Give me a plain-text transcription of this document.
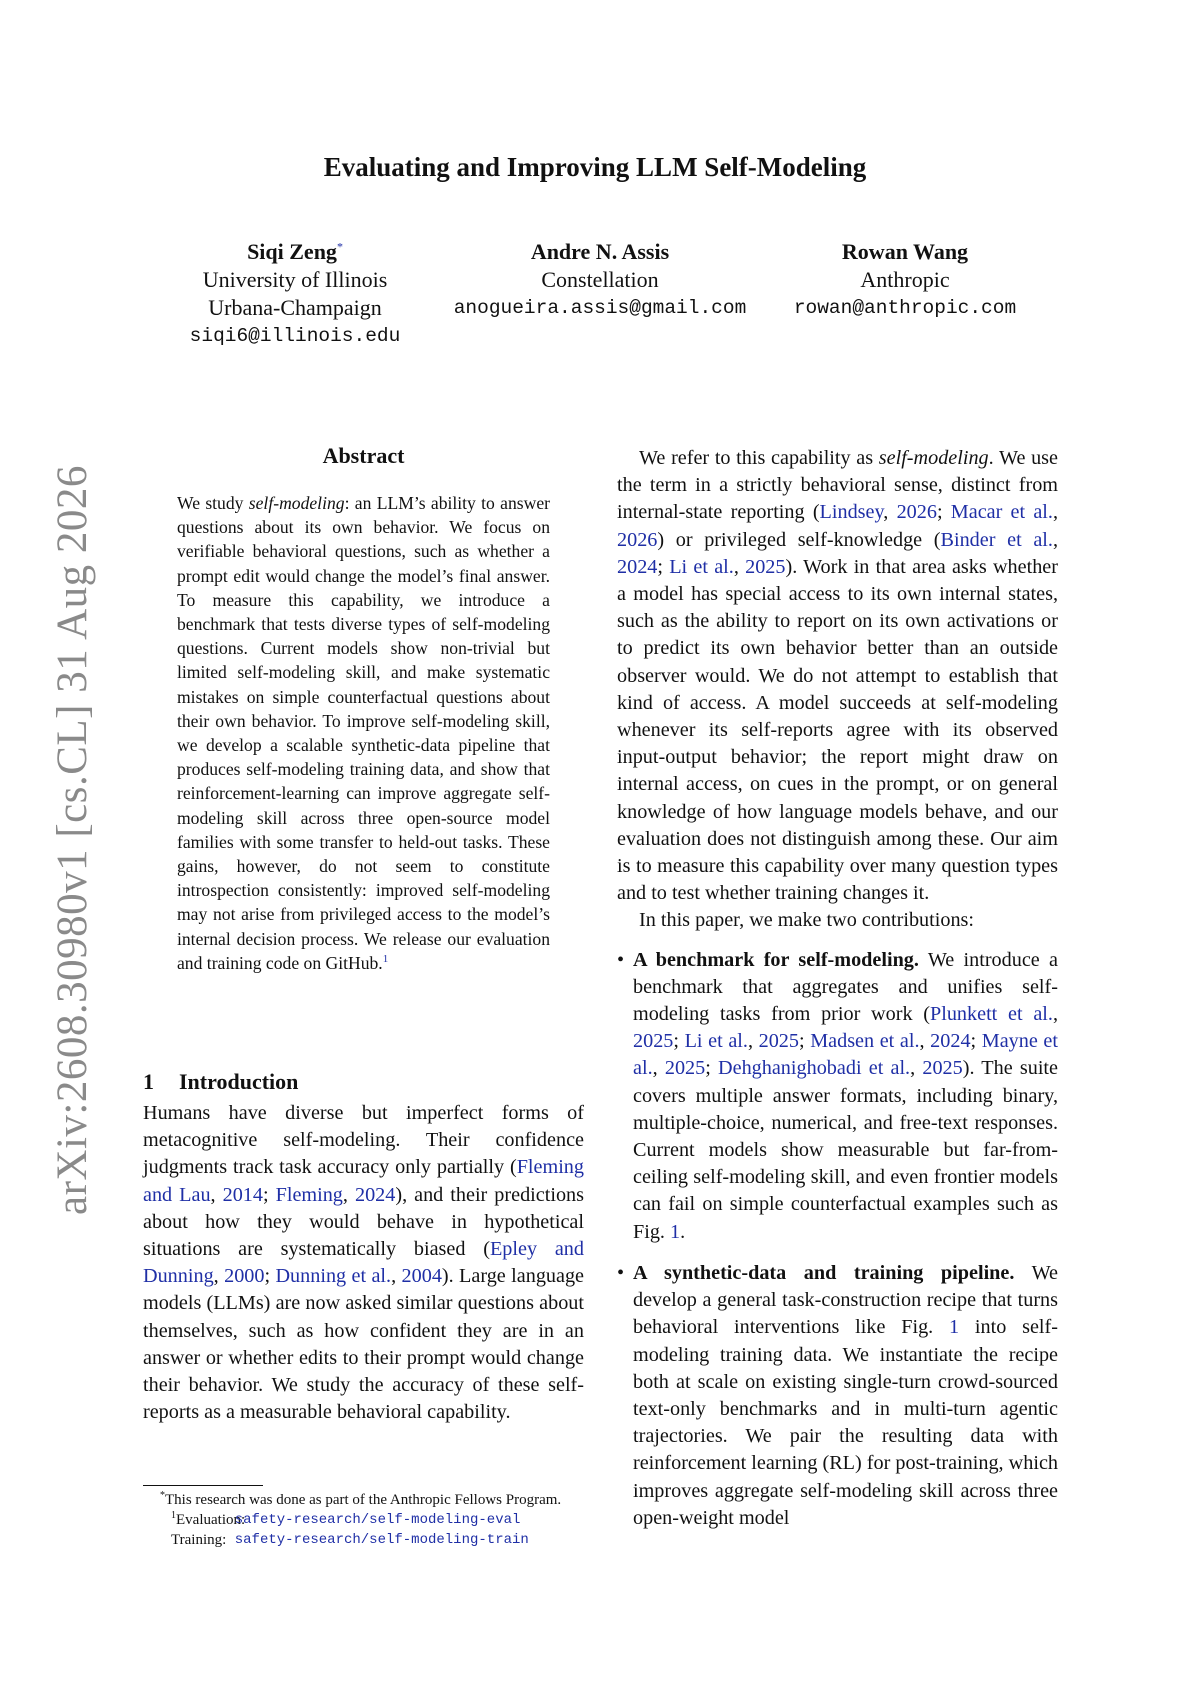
arXiv:2608.30980v1 [cs.CL] 31 Aug 2026
Evaluating and Improving LLM Self-Modeling
Siqi Zeng*
University of Illinois
Urbana-Champaign
siqi6@illinois.edu
Andre N. Assis
Constellation
anogueira.assis@gmail.com
Rowan Wang
Anthropic
rowan@anthropic.com
Abstract
We study self-modeling: an LLM’s ability to answer questions about its own behavior. We focus on verifiable behavioral questions, such as whether a prompt edit would change the model’s final answer. To measure this capability, we introduce a benchmark that tests diverse types of self-modeling questions. Current models show non-trivial but limited self-modeling skill, and make systematic mistakes on simple counterfactual questions about their own behavior. To improve self-modeling skill, we develop a scalable synthetic-data pipeline that produces self-modeling training data, and show that reinforcement-learning can improve aggregate self-modeling skill across three open-source model families with some transfer to held-out tasks. These gains, however, do not seem to constitute introspection consistently: improved self-modeling may not arise from privileged access to the model’s internal decision process. We release our evaluation and training code on GitHub.$^1$
1 Introduction
Humans have diverse but imperfect forms of metacognitive self-modeling. Their confidence judgments track task accuracy only partially (Fleming and Lau, 2014; Fleming, 2024), and their predictions about how they would behave in hypothetical situations are systematically biased (Epley and Dunning, 2000; Dunning et al., 2004). Large language models (LLMs) are now asked similar questions about themselves, such as how confident they are in an answer or whether edits to their prompt would change their behavior. We study the accuracy of these self-reports as a measurable behavioral capability.
*This research was done as part of the Anthropic Fellows Program.
$^1$Evaluation:

safety-research/self-modeling-eval
Training:
safety-research/self-modeling-train

We refer to this capability as self-modeling. We use the term in a strictly behavioral sense, distinct from internal-state reporting (Lindsey, 2026; Macar et al., 2026) or privileged self-knowledge (Binder et al., 2024; Li et al., 2025). Work in that area asks whether a model has special access to its own internal states, such as the ability to report on its own activations or to predict its own behavior better than an outside observer would. We do not attempt to establish that kind of access. A model succeeds at self-modeling whenever its self-reports agree with its observed input-output behavior; the report might draw on internal access, on cues in the prompt, or on general knowledge of how language models behave, and our evaluation does not distinguish among these. Our aim is to measure this capability over many question types and to test whether training changes it.

In this paper, we make two contributions:

• A benchmark for self-modeling. We introduce a benchmark that aggregates and unifies self-modeling tasks from prior work (Plunkett et al., 2025; Li et al., 2025; Madsen et al., 2024; Mayne et al., 2025; Dehghanighobadi et al., 2025). The suite covers multiple answer formats, including binary, multiple-choice, numerical, and free-text responses. Current models show measurable but far-from-ceiling self-modeling skill, and even frontier models can fail on simple counterfactual examples such as Fig. 1.
• A synthetic-data and training pipeline. We develop a general task-construction recipe that turns behavioral interventions like Fig. 1 into self-modeling training data. We instantiate the recipe both at scale on existing single-turn crowd-sourced text-only benchmarks and in multi-turn agentic trajectories. We pair the resulting data with reinforcement learning (RL) for post-training, which improves aggregate self-modeling skill across three open-weight model
